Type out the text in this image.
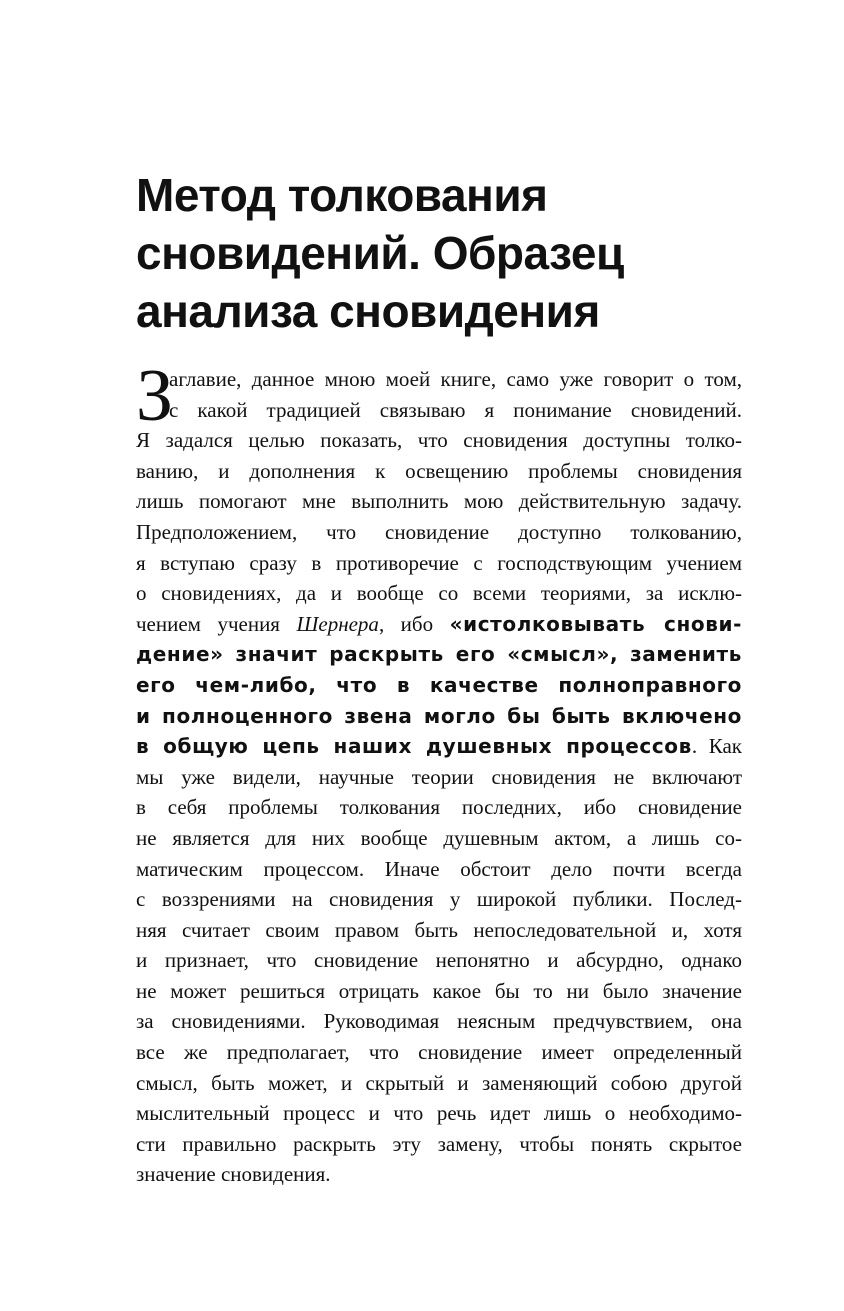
Метод толкования
сновидений. Образец
анализа сновидения
З
аглавие, данное мною моей книге, само уже говорит о том,
с какой традицией связываю я понимание сновидений.
Я задался целью показать, что сновидения доступны толко-
ванию, и дополнения к освещению проблемы сновидения
лишь помогают мне выполнить мою действительную задачу.
Предположением, что сновидение доступно толкованию,
я вступаю сразу в противоречие с господствующим учением
о сновидениях, да и вообще со всеми теориями, за исклю-
чением учения Шернера, ибо «истолковывать снови-
дение» значит раскрыть его «смысл», заменить
его чем-либо, что в качестве полноправного
и полноценного звена могло бы быть включено
в общую цепь наших душевных процессов. Как
мы уже видели, научные теории сновидения не включают
в себя проблемы толкования последних, ибо сновидение
не является для них вообще душевным актом, а лишь со-
матическим процессом. Иначе обстоит дело почти всегда
с воззрениями на сновидения у широкой публики. Послед-
няя считает своим правом быть непоследовательной и, хотя
и признает, что сновидение непонятно и абсурдно, однако
не может решиться отрицать какое бы то ни было значение
за сновидениями. Руководимая неясным предчувствием, она
все же предполагает, что сновидение имеет определенный
смысл, быть может, и скрытый и заменяющий собою другой
мыслительный процесс и что речь идет лишь о необходимо-
сти правильно раскрыть эту замену, чтобы понять скрытое
значение сновидения.
